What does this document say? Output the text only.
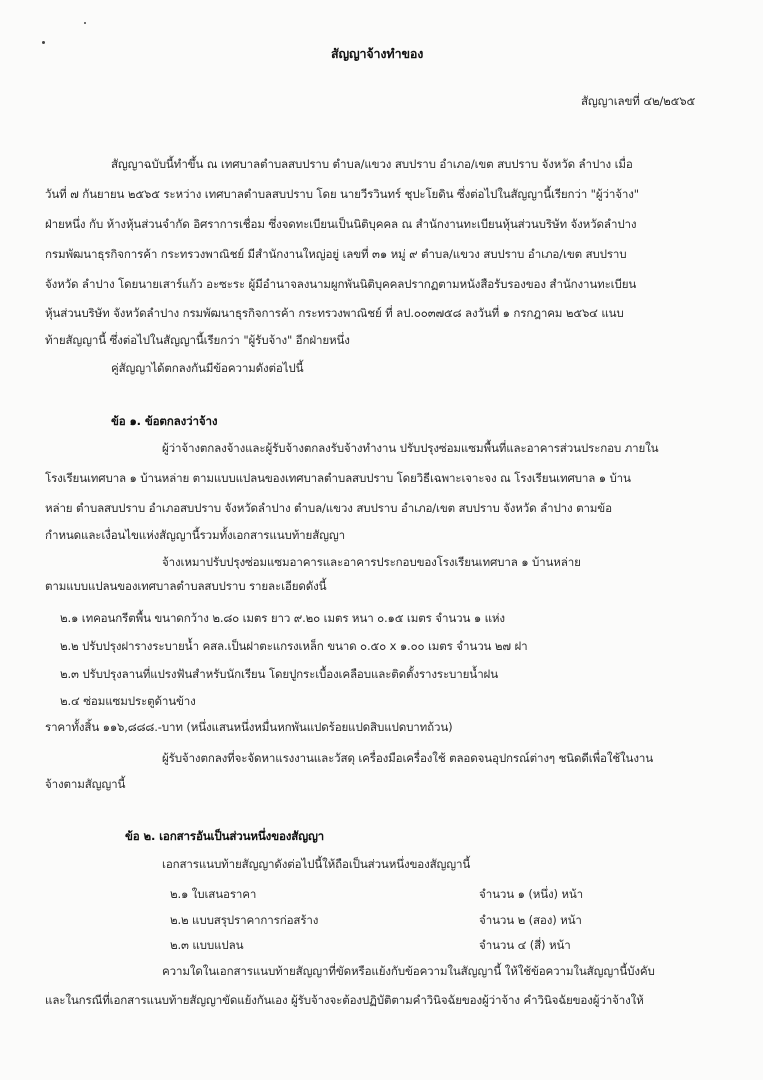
สัญญาจ้างทำของ
สัญญาเลขที่ ๔๒/๒๕๖๕
สัญญาฉบับนี้ทำขึ้น ณ เทศบาลตำบลสบปราบ ตำบล/แขวง สบปราบ อำเภอ/เขต สบปราบ จังหวัด ลำปาง เมื่อ
วันที่ ๗ กันยายน ๒๕๖๕ ระหว่าง เทศบาลตำบลสบปราบ โดย นายวีรวินทร์ ชุปะโยดิน ซึ่งต่อไปในสัญญานี้เรียกว่า "ผู้ว่าจ้าง"
ฝ่ายหนึ่ง กับ ห้างหุ้นส่วนจำกัด อิศราการเชื่อม ซึ่งจดทะเบียนเป็นนิติบุคคล ณ สำนักงานทะเบียนหุ้นส่วนบริษัท จังหวัดลำปาง
กรมพัฒนาธุรกิจการค้า กระทรวงพาณิชย์ มีสำนักงานใหญ่อยู่ เลขที่ ๓๑ หมู่ ๙ ตำบล/แขวง สบปราบ อำเภอ/เขต สบปราบ
จังหวัด ลำปาง โดยนายเสาร์แก้ว อะซะระ ผู้มีอำนาจลงนามผูกพันนิติบุคคลปรากฏตามหนังสือรับรองของ สำนักงานทะเบียน
หุ้นส่วนบริษัท จังหวัดลำปาง กรมพัฒนาธุรกิจการค้า กระทรวงพาณิชย์ ที่ ลป.๐๐๓๗๕๘ ลงวันที่ ๑ กรกฎาคม ๒๕๖๔ แนบ
ท้ายสัญญานี้ ซึ่งต่อไปในสัญญานี้เรียกว่า "ผู้รับจ้าง" อีกฝ่ายหนึ่ง
คู่สัญญาได้ตกลงกันมีข้อความดังต่อไปนี้
ข้อ ๑. ข้อตกลงว่าจ้าง
ผู้ว่าจ้างตกลงจ้างและผู้รับจ้างตกลงรับจ้างทำงาน ปรับปรุงซ่อมแซมพื้นที่และอาคารส่วนประกอบ ภายใน
โรงเรียนเทศบาล ๑ บ้านหล่าย ตามแบบแปลนของเทศบาลตำบลสบปราบ โดยวิธีเฉพาะเจาะจง ณ โรงเรียนเทศบาล ๑ บ้าน
หล่าย ตำบลสบปราบ อำเภอสบปราบ จังหวัดลำปาง ตำบล/แขวง สบปราบ อำเภอ/เขต สบปราบ จังหวัด ลำปาง ตามข้อ
กำหนดและเงื่อนไขแห่งสัญญานี้รวมทั้งเอกสารแนบท้ายสัญญา
จ้างเหมาปรับปรุงซ่อมแซมอาคารและอาคารประกอบของโรงเรียนเทศบาล ๑ บ้านหล่าย
ตามแบบแปลนของเทศบาลตำบลสบปราบ รายละเอียดดังนี้
๒.๑ เทคอนกรีตพื้น ขนาดกว้าง ๒.๘๐ เมตร ยาว ๙.๒๐ เมตร หนา ๐.๑๕ เมตร จำนวน ๑ แห่ง
๒.๒ ปรับปรุงฝารางระบายน้ำ คสล.เป็นฝาตะแกรงเหล็ก ขนาด ๐.๕๐ x ๑.๐๐ เมตร จำนวน ๒๗ ฝา
๒.๓ ปรับปรุงลานที่แปรงฟันสำหรับนักเรียน โดยปูกระเบื้องเคลือบและติดตั้งรางระบายน้ำฝน
๒.๔ ซ่อมแซมประตูด้านข้าง
ราคาทั้งสิ้น ๑๑๖,๘๘๘.-บาท (หนึ่งแสนหนึ่งหมื่นหกพันแปดร้อยแปดสิบแปดบาทถ้วน)
ผู้รับจ้างตกลงที่จะจัดหาแรงงานและวัสดุ เครื่องมือเครื่องใช้ ตลอดจนอุปกรณ์ต่างๆ ชนิดดีเพื่อใช้ในงาน
จ้างตามสัญญานี้
ข้อ ๒. เอกสารอันเป็นส่วนหนึ่งของสัญญา
เอกสารแนบท้ายสัญญาดังต่อไปนี้ให้ถือเป็นส่วนหนึ่งของสัญญานี้
๒.๑ ใบเสนอราคา	จำนวน ๑ (หนึ่ง) หน้า
๒.๒ แบบสรุปราคาการก่อสร้าง	จำนวน ๒ (สอง) หน้า
๒.๓ แบบแปลน	จำนวน ๔ (สี่) หน้า
ความใดในเอกสารแนบท้ายสัญญาที่ขัดหรือแย้งกับข้อความในสัญญานี้ ให้ใช้ข้อความในสัญญานี้บังคับ
และในกรณีที่เอกสารแนบท้ายสัญญาขัดแย้งกันเอง ผู้รับจ้างจะต้องปฏิบัติตามคำวินิจฉัยของผู้ว่าจ้าง คำวินิจฉัยของผู้ว่าจ้างให้
